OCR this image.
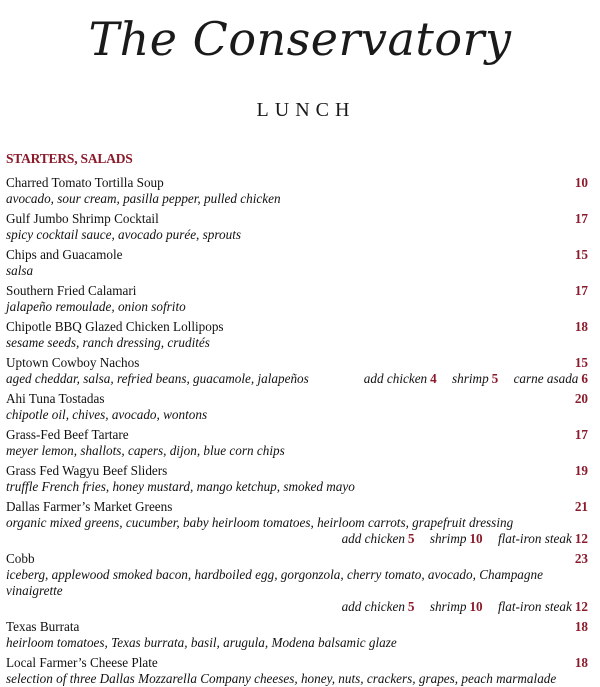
The Conservatory
LUNCH
STARTERS, SALADS
Charred Tomato Tortilla Soup
avocado, sour cream, pasilla pepper, pulled chicken
10
Gulf Jumbo Shrimp Cocktail
spicy cocktail sauce, avocado purée, sprouts
17
Chips and Guacamole
salsa
15
Southern Fried Calamari
jalapeño remoulade, onion sofrito
17
Chipotle BBQ Glazed Chicken Lollipops
sesame seeds, ranch dressing, crudités
18
Uptown Cowboy Nachos
aged cheddar, salsa, refried beans, guacamole, jalapeños
15
add chicken 4 shrimp 5 carne asada 6
Ahi Tuna Tostadas
chipotle oil, chives, avocado, wontons
20
Grass-Fed Beef Tartare
meyer lemon, shallots, capers, dijon, blue corn chips
17
Grass Fed Wagyu Beef Sliders
truffle French fries, honey mustard, mango ketchup, smoked mayo
19
Dallas Farmer’s Market Greens
organic mixed greens, cucumber, baby heirloom tomatoes, heirloom carrots, grapefruit dressing
21
add chicken 5 shrimp 10 flat-iron steak 12
Cobb
iceberg, applewood smoked bacon, hardboiled egg, gorgonzola, cherry tomato, avocado, Champagne vinaigrette
23
add chicken 5 shrimp 10 flat-iron steak 12
Texas Burrata
heirloom tomatoes, Texas burrata, basil, arugula, Modena balsamic glaze
18
Local Farmer’s Cheese Plate
selection of three Dallas Mozzarella Company cheeses, honey, nuts, crackers, grapes, peach marmalade
18
